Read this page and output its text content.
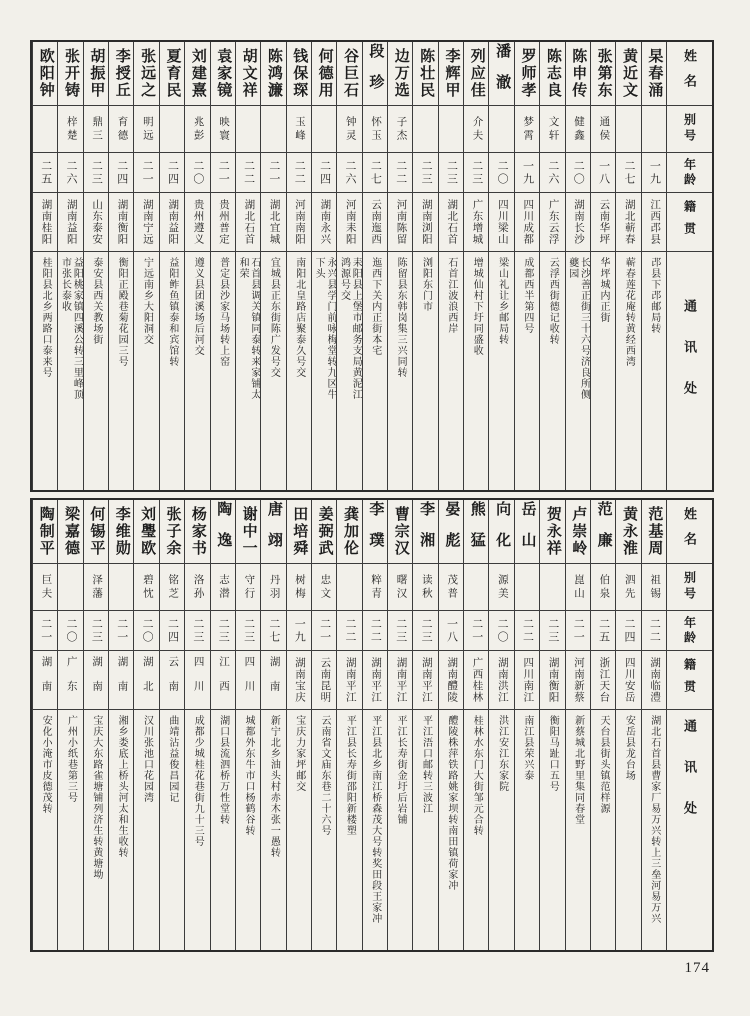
姓名
别号
年龄
籍贯
通讯处
杲春涌
一九
江西邔县
邔县下邔邮局转
黄近文
二七
湖北蕲春
蕲春莲花庵转黄经西湾
张第东
通侯
一八
云南华坪
华坪城内正街
陈申传
健鑫
二〇
湖南长沙
长沙善正街三十六号济良所侧夔园
陈志良
文轩
二六
广东云浮
云浮西街德记收转
罗师孝
梦霄
一九
四川成都
成都西半第四号
潘澈
二〇
四川梁山
梁山礼让乡邮局转
列应佳
介夫
二三
广东增城
增城仙村下圩同盛收
李辉甲
二三
湖北石首
石首江波浪西岸
陈壮民
二三
湖南浏阳
浏阳东门市
边万选
子杰
二二
河南陈留
陈留县东韩岗集三兴同转
段珍
怀玉
二七
云南迤西
迤西下关内正街本宅
谷巨石
钟灵
二六
河南耒阳
耒阳县上堡市邮务支局黄泥江鸿源号交
何德用
二四
湖南永兴
永兴县学门前咏梅堂转九区牛下头
钱保琛
玉峰
二二
河南南阳
南阳北皇路店聚泰久号交
陈鸿濂
二一
湖北宜城
宜城县正东街陈广发号交
胡文祥
二二
湖北石首
石首县调关镇同泰转来家铺太和荣
袁家镜
映寰
二一
贵州普定
普定县沙家马场转上窑
刘建熹
兆彭
二〇
贵州遵义
遵义县团溪场后河交
夏育民
二四
湖南益阳
益阳鲊鱼镇泰和宾馆转
张远之
明远
二一
湖南宁远
宁远南乡大阳洞交
李授丘
育德
二四
湖南衡阳
衡阳正殿巷菊花园三号
胡振甲
鼎三
二三
山东泰安
泰安县西关教场街
张开铸
梓楚
二六
湖南益阳
益阳桃家镇四溪公转三里峰顶市张长泰收
欧阳钟
二五
湖南桂阳
桂阳县北乡两路口泰来号
姓名
别号
年龄
籍贯
通讯处
范基周
祖锡
二二
湖南临澧
湖北石首县曹家厂易万兴转上三垒河易万兴
黄永淮
泗先
二四
四川安岳
安岳县龙台场
范廉
伯泉
二五
浙江天台
天台县街头镇范样源
卢崇岭
崑山
二一
河南新蔡
新蔡城北野里集同春堂
贺永祥
二三
湖南衡阳
衡阳马趾口五号
岳山
二二
四川南江
南江县荣兴泰
向化
源美
二〇
湖南洪江
洪江安江东家院
熊猛
二一
广西桂林
桂林水东门大街邹元合转
晏彪
茂普
一八
湖南醴陵
醴陵株萍铁路姚家坝转南田镇荷家冲
李湘
读秋
二三
湖南平江
平江浯口邮转三波江
曹宗汉
曙汉
二三
湖南平江
平江长寿街金圩后岩铺
李璞
粹青
二二
湖南平江
平江县北乡南江桥森茂大号转奖田段王家冲
龚加伦
二二
湖南平江
平江县长寿街邵阳新楼塑
姜弼武
忠文
二一
云南昆明
云南省文庙东巷二十六号
田培舜
树梅
一九
湖南宝庆
宝庆力家坪邮交
唐翊
丹羽
二七
湖南
新宁北乡油头村赤木张一愚转
谢中一
守行
二三
四川
城都外东牛市口杨鹤谷转
陶逸
志潜
二三
江西
湖口县流泗桥万性堂转
杨家书
洛孙
二三
四川
成都少城桂花巷街九十三号
张子余
铭芝
二四
云南
曲靖沾益俊昌园记
刘璺欧
碧忱
二〇
湖北
汉川张池口花园湾
李维勋
二一
湖南
湘乡娄底上桥头河太和生收转
何锡平
泽藩
二三
湖南
宝庆大东路雀塘铺列济生转黄塘坳
梁嘉德
二〇
广东
广州小纸巷第三号
陶制平
巨夫
二一
湖南
安化小淹市皮德茂转
174
